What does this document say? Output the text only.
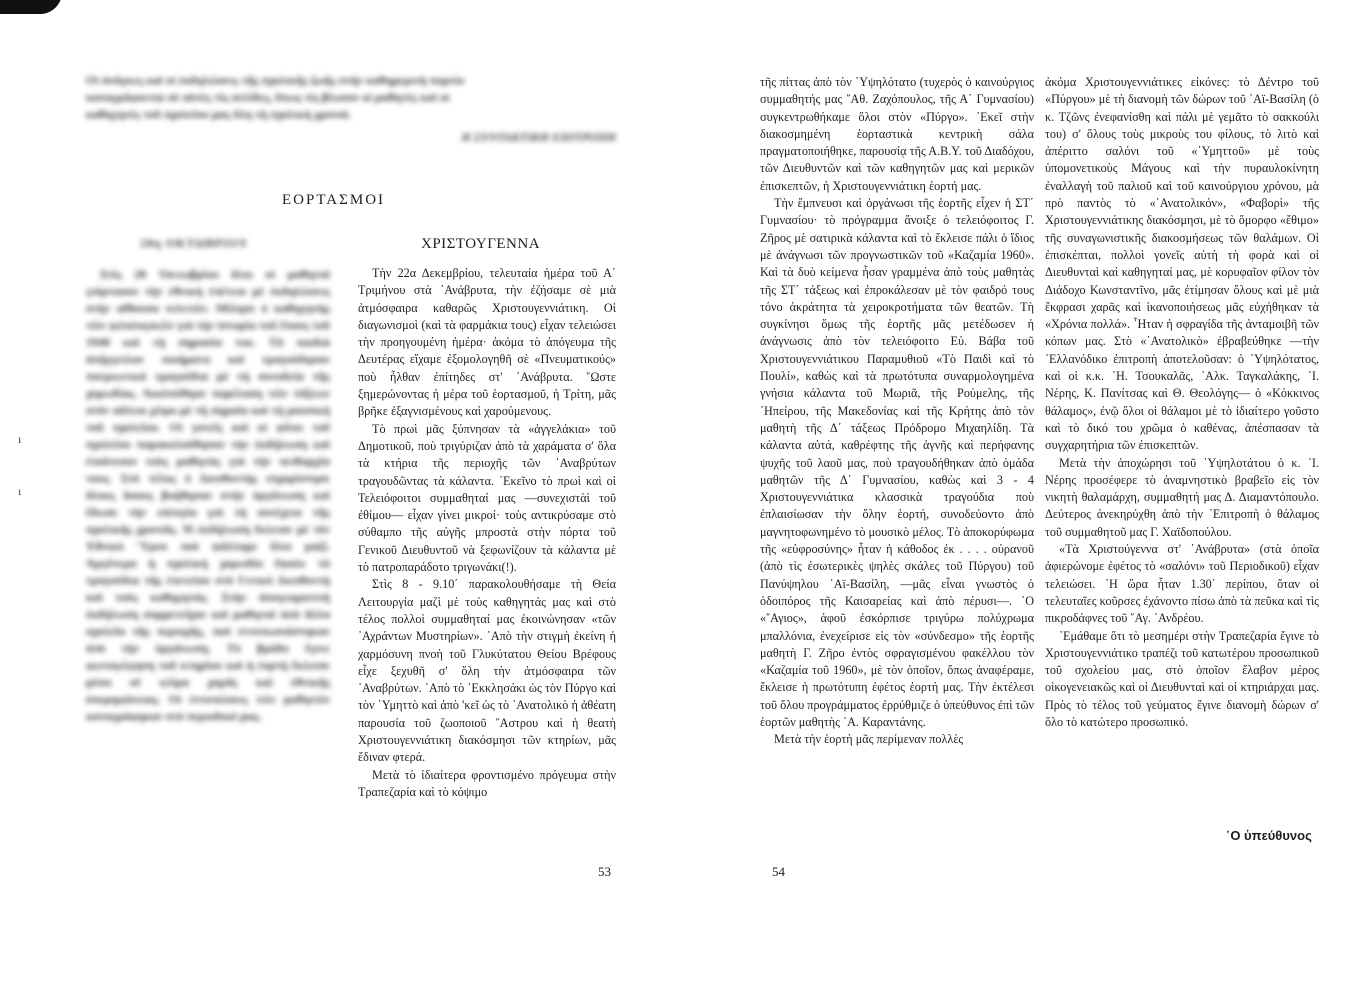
Οἱ ἀνάγκες καὶ οἱ ἐκδηλώσεις τῆς σχολικῆς ζωῆς στὴν καθημερινὴ πορεία
καταγράφονται σὲ αὐτὲς τὶς σελίδες, ὅπως τὶς βίωσαν οἱ μαθητὲς καὶ οἱ
καθηγητὲς τοῦ σχολείου μας ὅλη τὴ σχολικὴ χρονιά.
Η ΣΥΝΤΑΚΤΙΚΗ ΕΠΙΤΡΟΠΗ
ΕΟΡΤΑΣΜΟΙ
28η ΟΚΤΩΒΡΙΟΥ

Στὶς 28 Ὀκτωβρίου ὅλοι οἱ μαθηταὶ γιόρτασαν τὴν ἐθνικὴ ἐπέτειο μὲ ἐκδηλώσεις στὴν αἴθουσα τελετῶν. Μίλησε ὁ καθηγητὴς τῶν φιλολογικῶν γιὰ τὴν ἱστορία τοῦ ἔπους τοῦ 1940 καὶ τὴ σημασία του. Τὰ παιδιὰ ἀπήγγειλαν ποιήματα καὶ τραγούδησαν πατριωτικὰ τραγούδια μὲ τὴ συνοδεία τῆς χορωδίας. Ἀκολούθησε παρέλαση τῶν τάξεων στὸν αὔλειο χῶρο μὲ τὴ σημαία καὶ τὴ μουσικὴ τοῦ σχολείου. Οἱ γονεῖς καὶ οἱ φίλοι τοῦ σχολείου παρακολούθησαν τὴν ἐκδήλωση καὶ ἐπαίνεσαν τοὺς μαθητὰς γιὰ τὴν πειθαρχία τους. Στὸ τέλος ὁ Διευθυντὴς εὐχαρίστησε ὅλους ὅσους βοήθησαν στὴν ὀργάνωση καὶ ἔδωσε τὴν εὐλογία γιὰ τὴ συνέχεια τῆς σχολικῆς χρονιᾶς. Ἡ ἐκδήλωση ἔκλεισε μὲ τὸν Ἐθνικὸ Ὕμνο ποὺ ψάλλαμε ὅλοι μαζί. Ἀργότερα ἡ σχολικὴ χορωδία ἔψαλε τὰ τραγούδια τῆς ἐπετείου στὸ Γενικὸ Διευθυντὴ καὶ τοὺς καθηγητάς. Στὴν ἀπογευματινὴ ἐκδήλωση συμμετεῖχαν καὶ μαθηταὶ ἀπὸ ἄλλα σχολεῖα τῆς περιοχῆς, ποὺ ἐντυπωσιάστηκαν ἀπὸ τὴν ὀργάνωση. Τὸ βράδυ ἔγινε φωταγώγηση τοῦ κτηρίου καὶ ἡ ἑορτὴ ἔκλεισε μέσα σὲ κλίμα χαρᾶς καὶ ἐθνικῆς ὑπερηφάνειας. Οἱ ἐντυπώσεις τῶν μαθητῶν καταγράφηκαν στὸ περιοδικό μας.

ı
ı
ΧΡΙΣΤΟΥΓΕΝΝΑ

Τὴν 22α Δεκεμβρίου, τελευταία ἡμέρα τοῦ Α΄ Τριμήνου στὰ ᾿Ανάβρυτα, τὴν ἐζήσαμε σὲ μιὰ ἀτμόσφαιρα καθαρῶς Χριστουγεννιάτικη. Οἱ διαγωνισμοὶ (καὶ τὰ φαρμάκια τους) εἶχαν τελειώσει τὴν προηγουμένη ἡμέρα· ἀκόμα τὸ ἀπόγευμα τῆς Δευτέρας εἴχαμε ἐξομολογηθῆ σὲ «Πνευματικούς» ποὺ ἦλθαν ἐπίτηδες στ' ᾿Ανάβρυτα. ῞Ωστε ξημερώνοντας ἡ μέρα τοῦ ἑορτασμοῦ, ἡ Τρίτη, μᾶς βρῆκε ἐξαγνισμένους καὶ χαρούμενους.

Τὸ πρωὶ μᾶς ξύπνησαν τὰ «ἀγγελάκια» τοῦ Δημοτικοῦ, ποὺ τριγύριζαν ἀπὸ τὰ χαράματα σ' ὅλα τὰ κτήρια τῆς περιοχῆς τῶν ᾿Αναβρύτων τραγουδῶντας τὰ κάλαντα. ᾿Εκεῖνο τὸ πρωὶ καὶ οἱ Τελειόφοιτοι συμμαθηταί μας —συνεχιστὰὶ τοῦ ἐθίμου— εἶχαν γίνει μικροί· τοὺς αντικρύσαμε στὸ σύθαμπο τῆς αὐγῆς μπροστὰ στὴν πόρτα τοῦ Γενικοῦ Διευθυντοῦ νὰ ξεφωνίζουν τὰ κάλαντα μὲ τὸ πατροπαράδοτο τριγωνάκι(!).

Στὶς 8 - 9.10΄ παρακολουθήσαμε τὴ Θεία Λειτουργία μαζὶ μὲ τοὺς καθηγητάς μας καὶ στὸ τέλος πολλοὶ συμμαθηταί μας ἐκοινώνησαν «τῶν ᾿Αχράντων Μυστηρίων». ᾿Απὸ τὴν στιγμὴ ἐκείνη ἡ χαρμόσυνη πνοὴ τοῦ Γλυκύτατου Θείου Βρέφους εἶχε ξεχυθῆ σ' ὅλη τὴν ἀτμόσφαιρα τῶν ᾿Αναβρύτων. ᾿Απὸ τὸ ᾿Εκκλησάκι ὡς τὸν Πύργο καὶ τὸν ῾Υμηττὸ καὶ ἀπὸ 'κεῖ ὡς τὸ ᾿Ανατολικὸ ἡ ἀθέατη παρουσία τοῦ ζωοποιοῦ ῎Αστρου καὶ ἡ θεατὴ Χριστουγεννιάτικη διακόσμησι τῶν κτηρίων, μᾶς ἔδιναν φτερά.

Μετὰ τὸ ἰδιαίτερα φροντισμένο πρόγευμα στὴν Τραπεζαρία καὶ τὸ κόψιμο

53

τῆς πίττας ἀπὸ τὸν ῾Υψηλότατο (τυχερὸς ὁ καινούργιος συμμαθητής μας ῎Αθ. Ζαχόπουλος, τῆς Α΄ Γυμνασίου) συγκεντρωθήκαμε ὅλοι στὸν «Πύργο». ᾿Εκεῖ στὴν διακοσμημένη ἑορταστικὰ κεντρικὴ σάλα πραγματοποιήθηκε, παρουσίᾳ τῆς Α.Β.Υ. τοῦ Διαδόχου, τῶν Διευθυντῶν καὶ τῶν καθηγητῶν μας καὶ μερικῶν ἐπισκεπτῶν, ἡ Χριστουγεννιάτικη ἑορτή μας.

Τὴν ἔμπνευσι καὶ ὀργάνωσι τῆς ἑορτῆς εἶχεν ἡ ΣΤ΄ Γυμνασίου· τὸ πρόγραμμα ἄνοιξε ὁ τελειόφοιτος Γ. Ζῆρος μὲ σατιρικὰ κάλαντα καὶ τὸ ἔκλεισε πάλι ὁ ἴδιος μὲ ἀνάγνωσι τῶν προγνωστικῶν τοῦ «Καζαμία 1960». Καὶ τὰ δυὸ κείμενα ἦσαν γραμμένα ἀπὸ τοὺς μαθητὰς τῆς ΣΤ΄ τάξεως καὶ ἐπροκάλεσαν μὲ τὸν φαιδρό τους τόνο ἀκράτητα τὰ χειροκροτήματα τῶν θεατῶν. Τὴ συγκίνησι ὅμως τῆς ἑορτῆς μᾶς μετέδωσεν ἡ ἀνάγνωσις ἀπὸ τὸν τελειόφοιτο Εὐ. Βάβα τοῦ Χριστουγεννιάτικου Παραμυθιοῦ «Τὸ Παιδὶ καὶ τὸ Πουλί», καθὼς καὶ τὰ πρωτότυπα συναρμολογημένα γνήσια κάλαντα τοῦ Μωριᾶ, τῆς Ρούμελης, τῆς ᾿Ηπείρου, τῆς Μακεδονίας καὶ τῆς Κρήτης ἀπὸ τὸν μαθητὴ τῆς Δ΄ τάξεως Πρόδρομο Μιχαηλίδη. Τὰ κάλαντα αὐτά, καθρέφτης τῆς ἁγνῆς καὶ περήφανης ψυχῆς τοῦ λαοῦ μας, ποὺ τραγουδήθηκαν ἀπὸ ὁμάδα μαθητῶν τῆς Δ΄ Γυμνασίου, καθὼς καὶ 3 - 4 Χριστουγεννιάτικα κλασσικὰ τραγούδια ποὺ ἐπλαισίωσαν τὴν ὅλην ἑορτή, συνοδεύοντο ἀπὸ μαγνητοφωνημένο τὸ μουσικὸ μέλος. Τὸ ἀποκορύφωμα τῆς «εὐφροσύνης» ἦταν ἡ κάθοδος ἐκ . . . . οὐρανοῦ (ἀπὸ τὶς ἐσωτερικὲς ψηλὲς σκάλες τοῦ Πύργου) τοῦ Πανύψηλου ᾿Αϊ-Βασίλη, —μᾶς εἶναι γνωστὸς ὁ ὁδοιπόρος τῆς Καισαρείας καὶ ἀπὸ πέρυσι—. ῾Ο «῞Αγιος», ἀφοῦ ἐσκόρπισε τριγύρω πολύχρωμα μπαλλόνια, ἐνεχείρισε εἰς τὸν «σύνδεσμο» τῆς ἑορτῆς μαθητὴ Γ. Ζῆρο ἐντὸς σφραγισμένου φακέλλου τὸν «Καζαμία τοῦ 1960», μὲ τὸν ὁποῖον, ὅπως ἀναφέραμε, ἔκλεισε ἡ πρωτότυπη ἐφέτος ἑορτή μας. Τὴν ἐκτέλεσι τοῦ ὅλου προγράμματος ἐρρύθμιζε ὁ ὑπεύθυνος ἐπὶ τῶν ἑορτῶν μαθητὴς ᾿Α. Καραντάνης.

Μετὰ τὴν ἑορτὴ μᾶς περίμεναν πολλὲς

ἀκόμα Χριστουγεννιάτικες εἰκόνες: τὸ Δέντρο τοῦ «Πύργου» μὲ τὴ διανομὴ τῶν δώρων τοῦ ᾿Αϊ-Βασίλη (ὁ κ. Τζῶνς ἐνεφανίσθη καὶ πάλι μὲ γεμᾶτο τὸ σακκούλι του) σ' ὅλους τοὺς μικροὺς του φίλους, τὸ λιτὸ καὶ ἀπέριττο σαλόνι τοῦ «῾Υμηττοῦ» μὲ τοὺς ὑπομονετικοὺς Μάγους καὶ τὴν πυραυλοκίνητη ἐναλλαγὴ τοῦ παλιοῦ καὶ τοῦ καινούργιου χρόνου, μὰ πρὸ παντὸς τὸ «᾿Ανατολικόν», «Φαβορὶ» τῆς Χριστουγεννιάτικης διακόσμησι, μὲ τὸ ὅμορφο «ἔθιμο» τῆς συναγωνιστικῆς διακοσμήσεως τῶν θαλάμων. Οἱ ἐπισκέπται, πολλοὶ γονεῖς αὐτὴ τὴ φορὰ καὶ οἱ Διευθυνταὶ καὶ καθηγηταί μας, μὲ κορυφαῖον φίλον τὸν Διάδοχο Κωνσταντῖνο, μᾶς ἐτίμησαν ὅλους καὶ μὲ μιὰ ἔκφρασι χαρᾶς καὶ ἱκανοποιήσεως μᾶς εὐχήθηκαν τὰ «Χρόνια πολλά». ῏Ηταν ἡ σφραγίδα τῆς ἀνταμοιβῆ τῶν κόπων μας. Στὸ «᾿Ανατολικὸ» ἐβραβεύθηκε —τὴν ῾Ελλανόδικο ἐπιτροπὴ ἀποτελοῦσαν: ὁ ῾Υψηλότατος, καὶ οἱ κ.κ. ᾿Η. Τσουκαλᾶς, ᾿Αλκ. Ταγκαλάκης, ᾿Ι. Νέρης, Κ. Πανίτσας καὶ Θ. Θεολόγης— ὁ «Κόκκινος θάλαμος», ἐνῷ ὅλοι οἱ θάλαμοι μὲ τὸ ἰδιαίτερο γοῦστο καὶ τὸ δικό του χρῶμα ὁ καθένας, ἀπέσπασαν τὰ συγχαρητήρια τῶν ἐπισκεπτῶν.

Μετὰ τὴν ἀποχώρησι τοῦ ῾Υψηλοτάτου ὁ κ. ᾿Ι. Νέρης προσέφερε τὸ ἀναμνηστικὸ βραβεῖο εἰς τὸν νικητὴ θαλαμάρχη, συμμαθητή μας Δ. Διαμαντόπουλο. Δεύτερος ἀνεκηρύχθη ἀπὸ τὴν ᾿Επιτροπὴ ὁ θάλαμος τοῦ συμμαθητοῦ μας Γ. Χαϊδοπούλου.

«Τὰ Χριστούγεννα στ' ᾿Ανάβρυτα» (στὰ ὁποῖα ἀφιερώνομε ἐφέτος τὸ «σαλόνι» τοῦ Περιοδικοῦ) εἶχαν τελειώσει. ῾Η ὥρα ἦταν 1.30΄ περίπου, ὅταν οἱ τελευταῖες κοῦρσες ἐχάνοντο πίσω ἀπὸ τὰ πεῦκα καὶ τὶς πικροδάφνες τοῦ ῞Αγ. ᾿Ανδρέου.

᾿Εμάθαμε ὅτι τὸ μεσημέρι στὴν Τραπεζαρία ἔγινε τὸ Χριστουγεννιάτικο τραπέζι τοῦ κατωτέρου προσωπικοῦ τοῦ σχολείου μας, στὸ ὁποῖον ἔλαβον μέρος οἰκογενειακῶς καὶ οἱ Διευθυνταὶ καὶ οἱ κτηριάρχαι μας. Πρὸς τὸ τέλος τοῦ γεύματος ἔγινε διανομὴ δώρων σ' ὅλο τὸ κατώτερο προσωπικό.

῾Ο ὑπεύθυνος
54
